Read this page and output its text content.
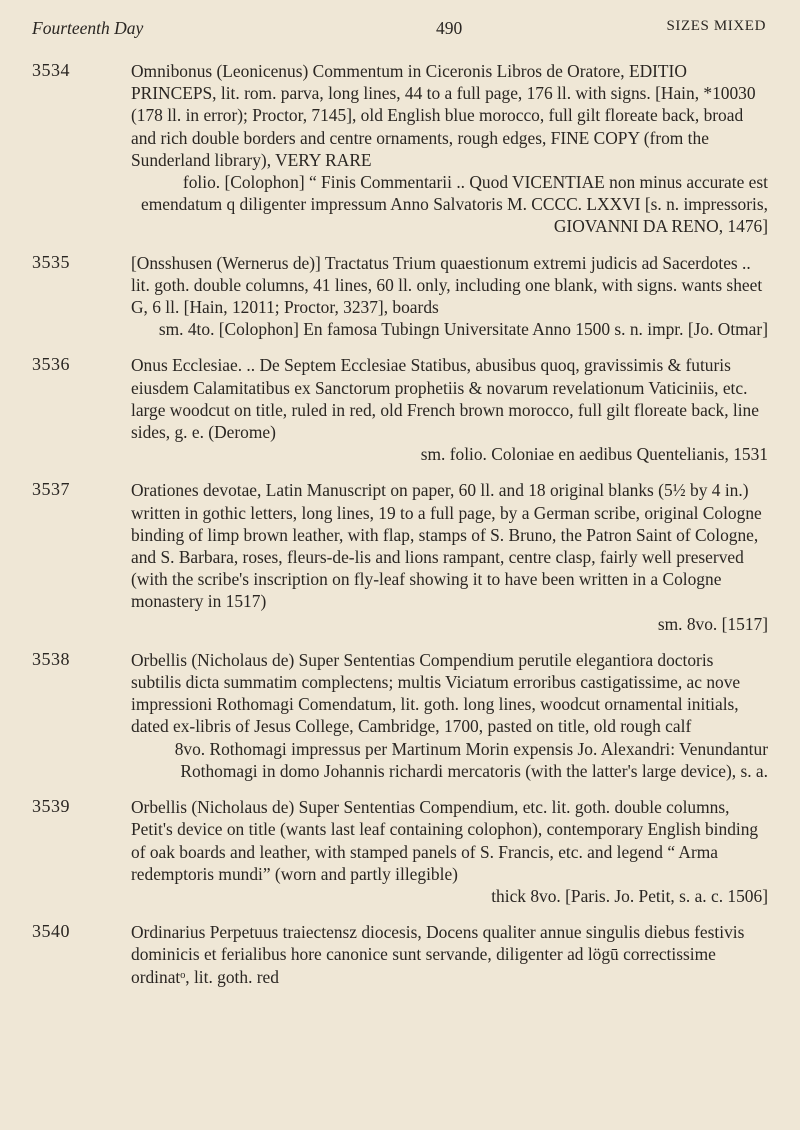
Fourteenth Day	490	SIZES MIXED
3534	Omnibonus (Leonicenus) Commentum in Ciceronis Libros de Oratore, EDITIO PRINCEPS, lit. rom. parva, long lines, 44 to a full page, 176 ll. with signs. [Hain, *10030 (178 ll. in error); Proctor, 7145], old English blue morocco, full gilt floreate back, broad and rich double borders and centre ornaments, rough edges, FINE COPY (from the Sunderland library), VERY RARE
folio. [Colophon] “ Finis Commentarii .. Quod VICENTIAE non minus accurate est emendatum q diligenter impressum Anno Salvatoris M. CCCC. LXXVI [s. n. impressoris, GIOVANNI DA RENO, 1476]
3535	[Onsshusen (Wernerus de)] Tractatus Trium quaestionum extremi judicis ad Sacerdotes .. lit. goth. double columns, 41 lines, 60 ll. only, including one blank, with signs. wants sheet G, 6 ll. [Hain, 12011; Proctor, 3237], boards
sm. 4to. [Colophon] En famosa Tubingn Universitate Anno 1500 s. n. impr. [Jo. Otmar]
3536	Onus Ecclesiae. .. De Septem Ecclesiae Statibus, abusibus quoq, gravissimis & futuris eiusdem Calamitatibus ex Sanctorum prophetiis & novarum revelationum Vaticiniis, etc. large woodcut on title, ruled in red, old French brown morocco, full gilt floreate back, line sides, g. e. (Derome)
sm. folio. Coloniae en aedibus Quentelianis, 1531
3537	Orationes devotae, Latin Manuscript on paper, 60 ll. and 18 original blanks (5½ by 4 in.) written in gothic letters, long lines, 19 to a full page, by a German scribe, original Cologne binding of limp brown leather, with flap, stamps of S. Bruno, the Patron Saint of Cologne, and S. Barbara, roses, fleurs-de-lis and lions rampant, centre clasp, fairly well preserved (with the scribe's inscription on fly-leaf showing it to have been written in a Cologne monastery in 1517)
sm. 8vo. [1517]
3538	Orbellis (Nicholaus de) Super Sententias Compendium perutile elegantiora doctoris subtilis dicta summatim complectens; multis Viciatum erroribus castigatissime, ac nove impressioni Rothomagi Comendatum, lit. goth. long lines, woodcut ornamental initials, dated ex-libris of Jesus College, Cambridge, 1700, pasted on title, old rough calf
8vo. Rothomagi impressus per Martinum Morin expensis Jo. Alexandri: Venundantur Rothomagi in domo Johannis richardi mercatoris (with the latter's large device), s. a.
3539	Orbellis (Nicholaus de) Super Sententias Compendium, etc. lit. goth. double columns, Petit's device on title (wants last leaf containing colophon), contemporary English binding of oak boards and leather, with stamped panels of S. Francis, etc. and legend “ Arma redemptoris mundi” (worn and partly illegible)
thick 8vo. [Paris. Jo. Petit, s. a. c. 1506]
3540	Ordinarius Perpetuus traiectensz diocesis, Docens qualiter annue singulis diebus festivis dominicis et ferialibus hore canonice sunt servande, diligenter ad lögū correctissime ordinatᵒ, lit. goth. red
